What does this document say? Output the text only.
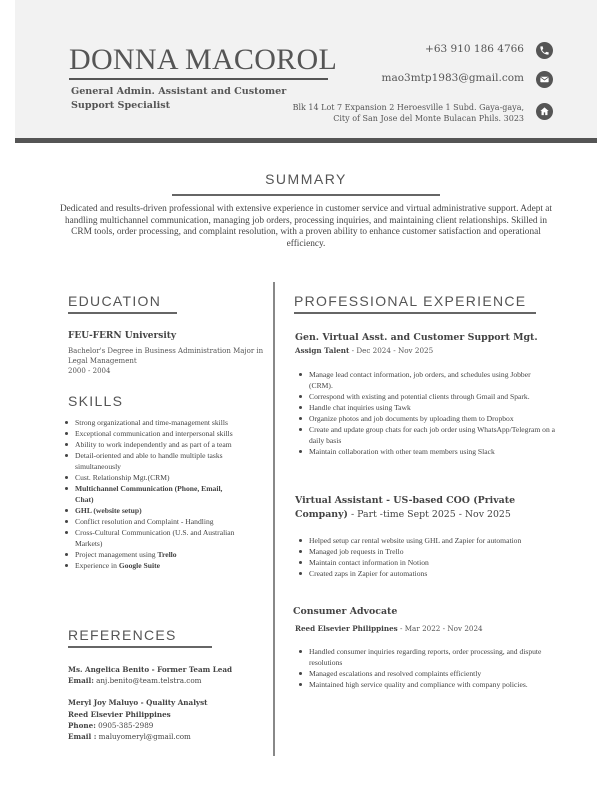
DONNA MACOROL
General Admin. Assistant and Customer Support Specialist
+63 910 186 4766
mao3mtp1983@gmail.com
Blk 14 Lot 7 Expansion 2 Heroesville 1 Subd. Gaya-gaya,
City of San Jose del Monte Bulacan Phils. 3023
SUMMARY
Dedicated and results-driven professional with extensive experience in customer service and virtual administrative support. Adept at handling multichannel communication, managing job orders, processing inquiries, and maintaining client relationships. Skilled in CRM tools, order processing, and complaint resolution, with a proven ability to enhance customer satisfaction and operational efficiency.
EDUCATION
FEU-FERN University
Bachelor's Degree in Business Administration Major in Legal Management
2000 - 2004
SKILLS
Strong organizational and time-management skills
Exceptional communication and interpersonal skills
Ability to work independently and as part of a team
Detail-oriented and able to handle multiple tasks simultaneously
Cust. Relationship Mgt.(CRM)
Multichannel Communication (Phone, Email, Chat)
GHL (website setup)
Conflict resolution and Complaint - Handling
Cross-Cultural Communication (U.S. and Australian Markets)
Project management using Trello
Experience in Google Suite
REFERENCES
Ms. Angelica Benito - Former Team Lead
Email: anj.benito@team.telstra.com
Meryl Joy Maluyo - Quality Analyst
Reed Elsevier Philippines
Phone: 0905-385-2989
Email : maluyomeryl@gmail.com
PROFESSIONAL EXPERIENCE
Gen. Virtual Asst. and Customer Support Mgt.
Assign Talent - Dec 2024 - Nov 2025
Manage lead contact information, job orders, and schedules using Jobber (CRM).
Correspond with existing and potential clients through Gmail and Spark.
Handle chat inquiries using Tawk
Organize photos and job documents by uploading them to Dropbox
Create and update group chats for each job order using WhatsApp/Telegram on a daily basis
Maintain collaboration with other team members using Slack
Virtual Assistant - US-based COO (Private Company) - Part -time Sept 2025 - Nov 2025
Helped setup car rental website using GHL and Zapier for automation
Managed job requests in Trello
Maintain contact information in Notion
Created zaps in Zapier for automations
Consumer Advocate
Reed Elsevier Philippines - Mar 2022 - Nov 2024
Handled consumer inquiries regarding reports, order processing, and dispute resolutions
Managed escalations and resolved complaints efficiently
Maintained high service quality and compliance with company policies.
